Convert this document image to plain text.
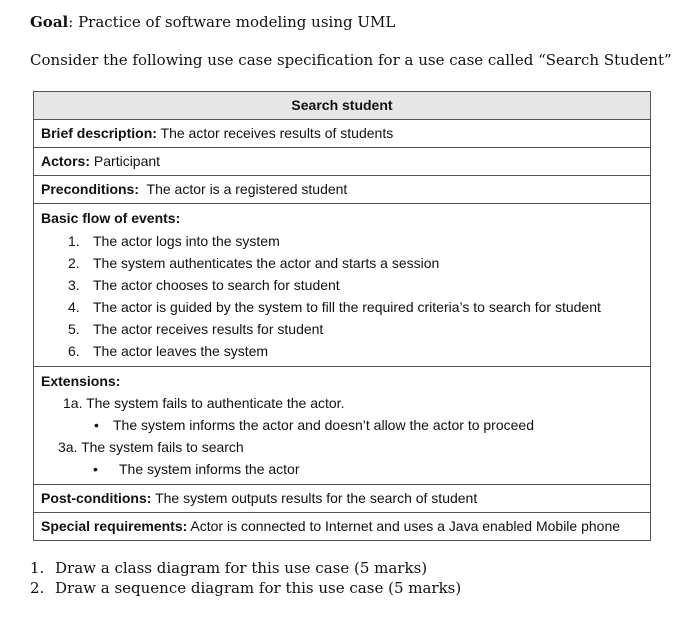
Goal: Practice of software modeling using UML
Consider the following use case specification for a use case called “Search Student”
Search student
Brief description: The actor receives results of students
Actors: Participant
Preconditions:  The actor is a registered student

Basic flow of events:
1. The actor logs into the system
2. The system authenticates the actor and starts a session
3. The actor chooses to search for student
4. The actor is guided by the system to fill the required criteria’s to search for student
5. The actor receives results for student
6. The actor leaves the system

Extensions:
1a. The system fails to authenticate the actor.
• The system informs the actor and doesn’t allow the actor to proceed
3a. The system fails to search
• The system informs the actor

Post-conditions: The system outputs results for the search of student
Special requirements: Actor is connected to Internet and uses a Java enabled Mobile phone
1. Draw a class diagram for this use case (5 marks)
2. Draw a sequence diagram for this use case (5 marks)
